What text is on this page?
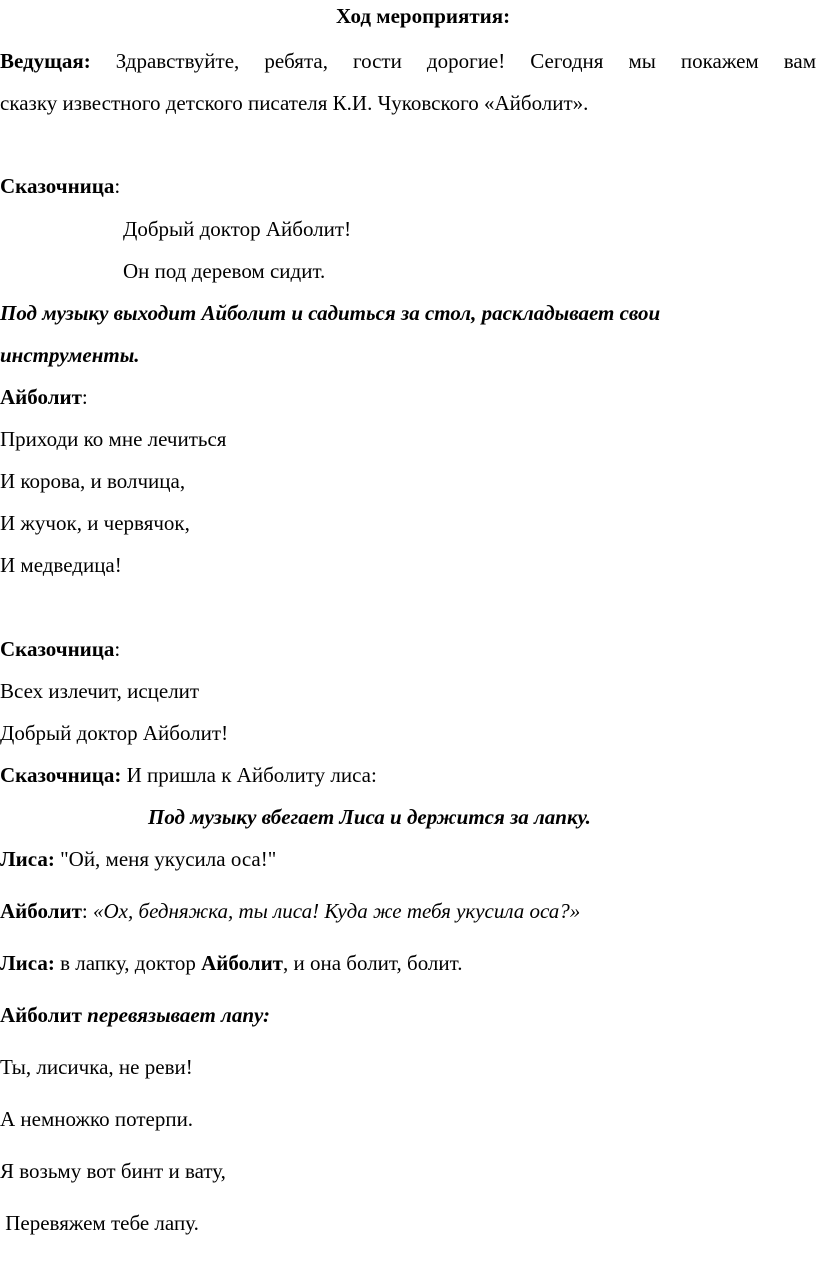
Ход мероприятия:
Ведущая: Здравствуйте, ребята, гости дорогие! Сегодня мы покажем вам
сказку известного детского писателя К.И. Чуковского «Айболит».
Сказочница:
Добрый доктор Айболит!
Он под деревом сидит.
Под музыку выходит Айболит и садиться за стол, раскладывает свои
инструменты.
Айболит:
Приходи ко мне лечиться
И корова, и волчица,
И жучок, и червячок,
И медведица!
Сказочница:
Всех излечит, исцелит
Добрый доктор Айболит!
Сказочница: И пришла к Айболиту лиса:
Под музыку вбегает Лиса и держится за лапку.
Лиса: "Ой, меня укусила оса!"
Айболит: «Ох, бедняжка, ты лиса! Куда же тебя укусила оса?»
Лиса: в лапку, доктор Айболит, и она болит, болит.
Айболит перевязывает лапу:
Ты, лисичка, не реви!
А немножко потерпи.
Я возьму вот бинт и вату,
Перевяжем тебе лапу.
